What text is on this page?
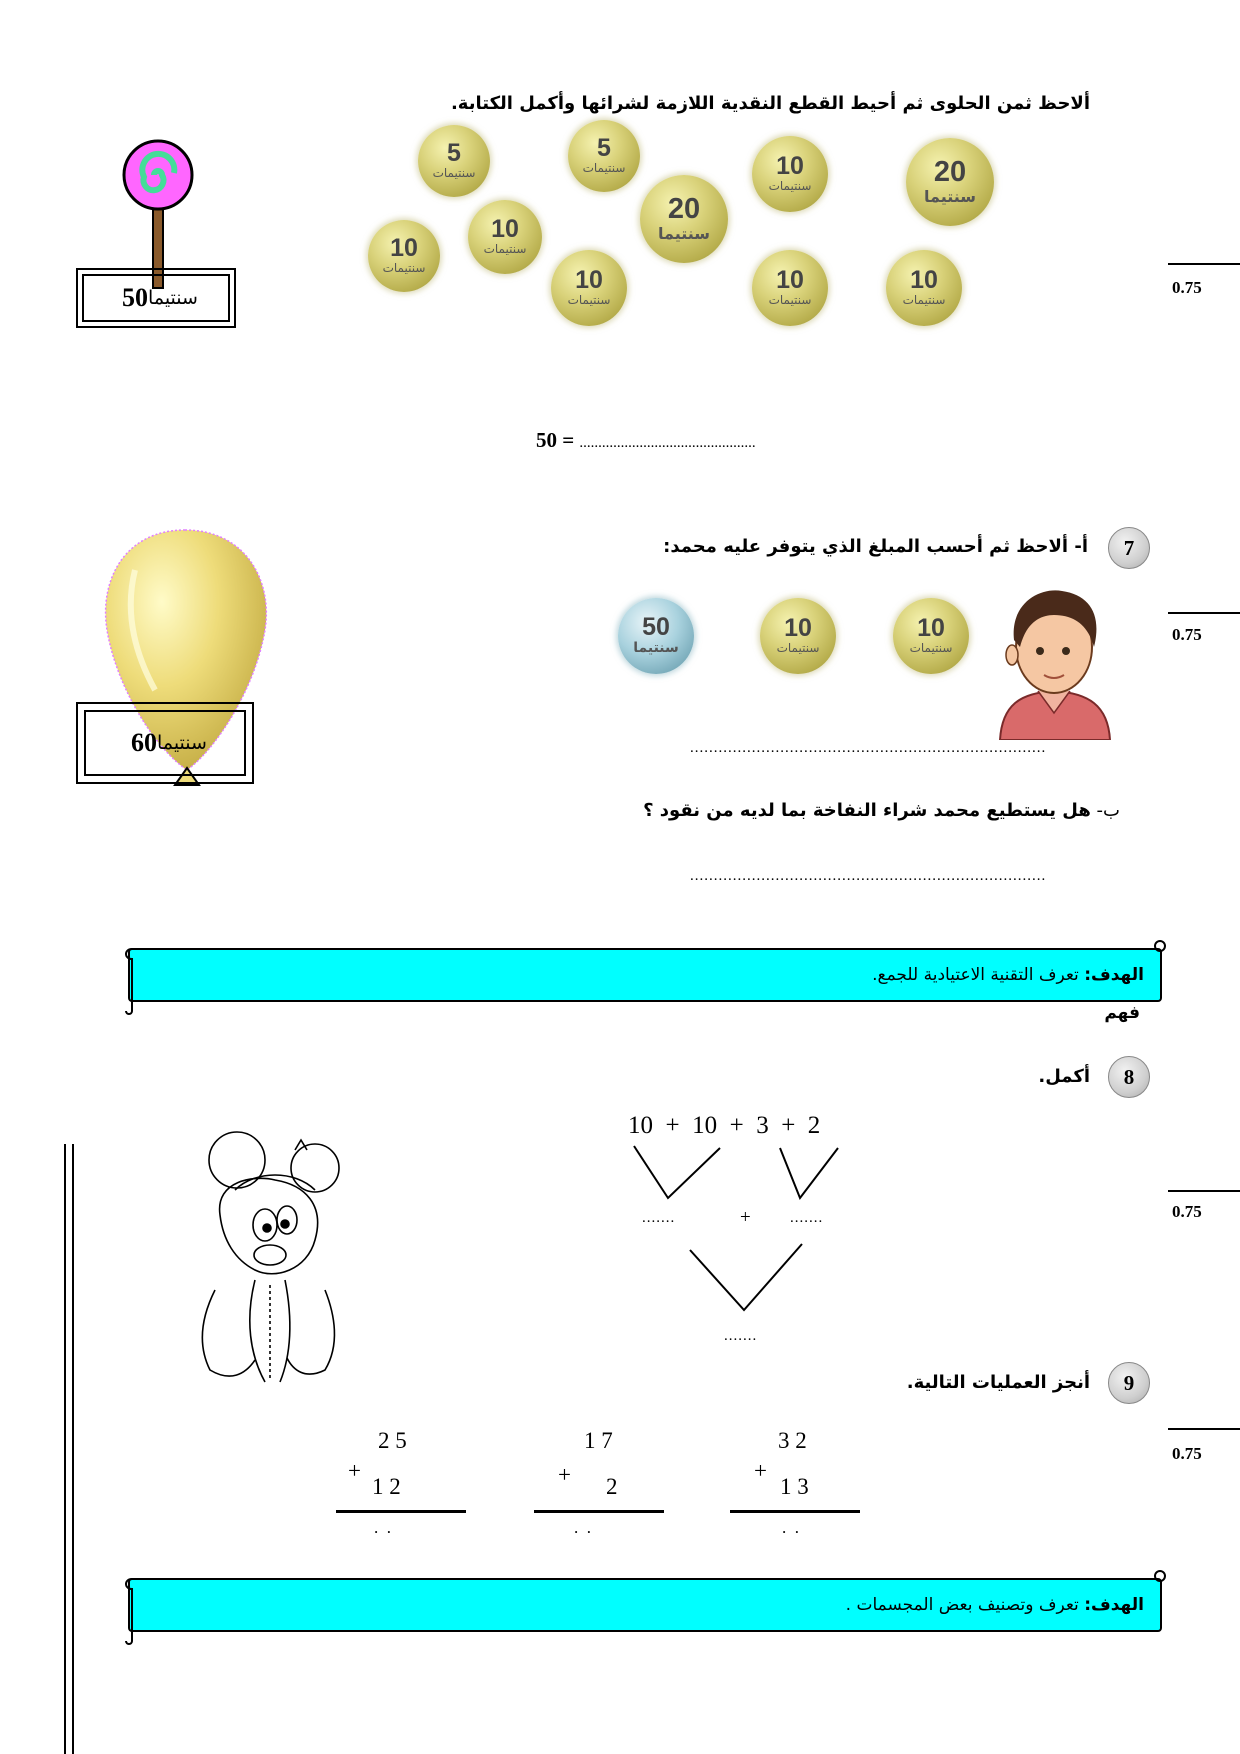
ألاحظ ثمن الحلوى ثم أحيط القطع النقدية اللازمة لشرائها وأكمل الكتابة.
سنتيما
50
5
سنتيمات
5
سنتيمات	10
سنتيمات	20
سنتيما
10
سنتيمات
10
سنتيمات
20
سنتيما
10
سنتيمات
10
سنتيمات
10
سنتيمات
0.75
50 = ...............................................
سنتيما
60
7
أ- ألاحظ ثم أحسب المبلغ الذي يتوفر عليه محمد:
50
سنتيما
10
سنتيمات
10
سنتيمات
0.75
...........................................................................
ب- هل يستطيع محمد شراء النفاخة بما لديه من نقود ؟
...........................................................................
الهدف: تعرف التقنية الاعتيادية للجمع.
فهم
8
أكمل.
10  +  10  +  3  +  2
.......	+	.......
.......
0.75
9
أنجز العمليات التالية.
2 5
+
1 2
.  .
1 7
+ 2
.  .
3 2
+
1 3
.  .
0.75
الهدف: تعرف وتصنيف بعض المجسمات .
